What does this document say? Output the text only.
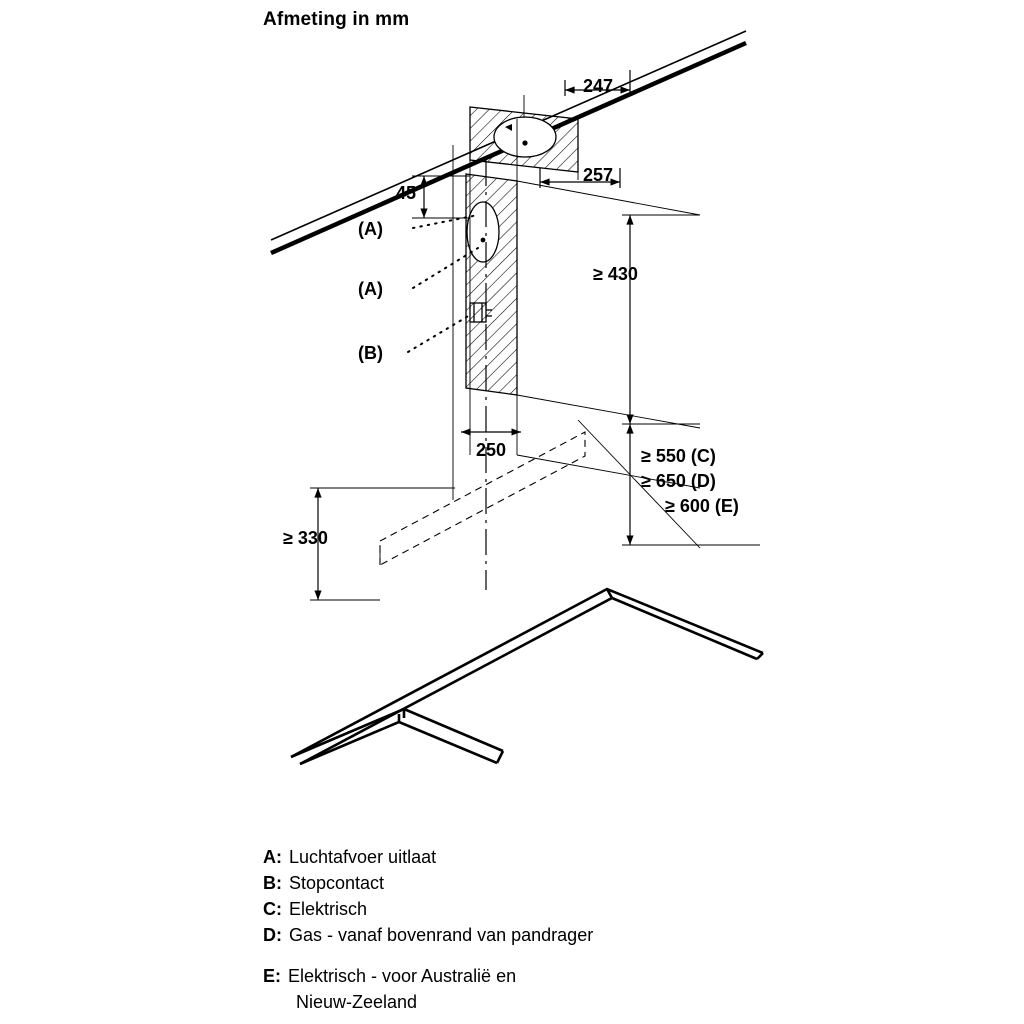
Afmeting in mm
247
257
45
≥ 430
250	≥ 550 (C)
≥ 650 (D)
≥ 600 (E)
≥ 330
(A)
(A)
(B)
A: Luchtafvoer uitlaat
B: Stopcontact
C: Elektrisch
D: Gas - vanaf bovenrand van pandrager
E: Elektrisch - voor Australië en
Nieuw-Zeeland
